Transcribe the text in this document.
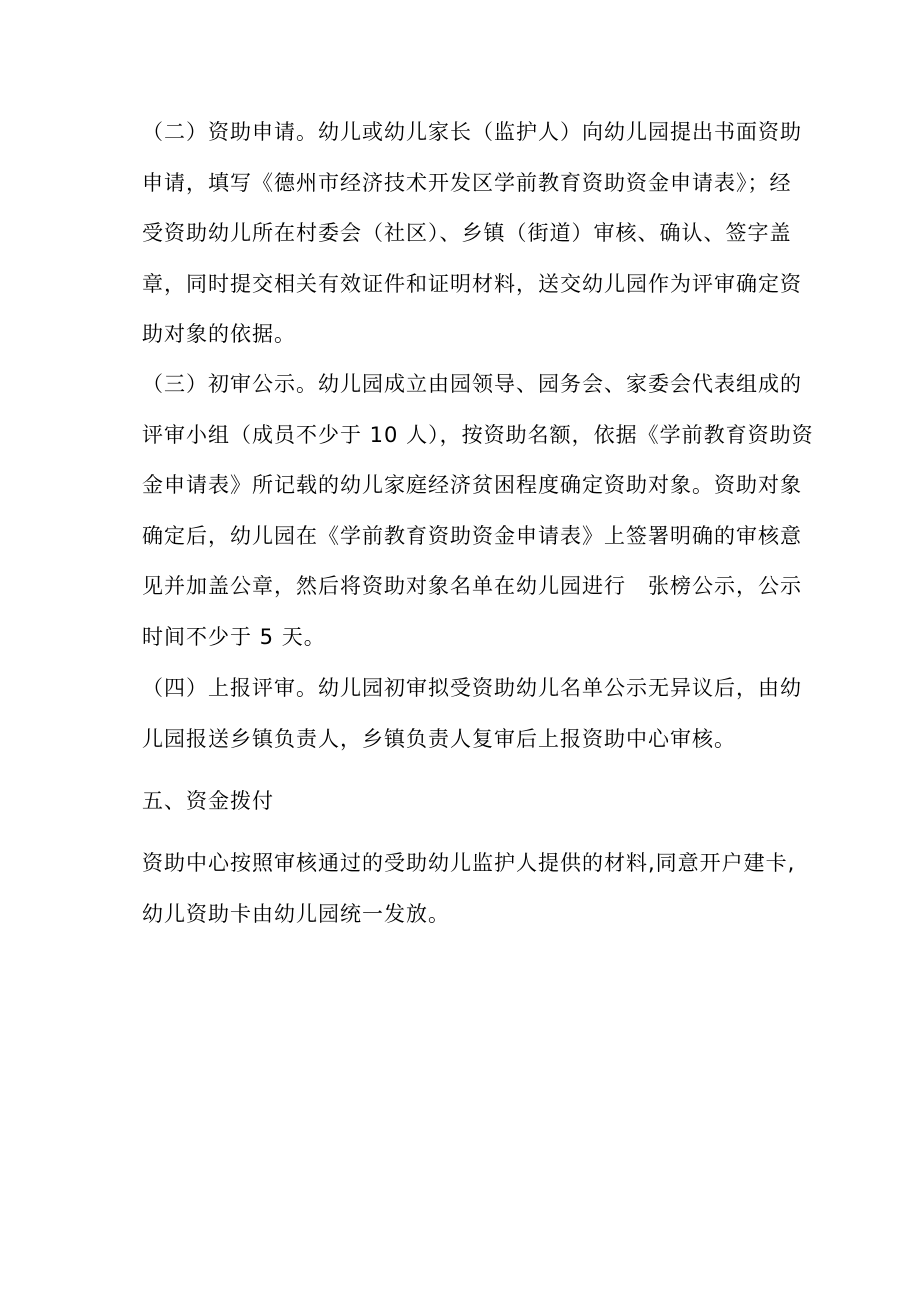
（二）资助申请。幼儿或幼儿家长（监护人）向幼儿园提出书面资助
申请，填写《德州市经济技术开发区学前教育资助资金申请表》；经
受资助幼儿所在村委会（社区）、乡镇（街道）审核、确认、签字盖
章，同时提交相关有效证件和证明材料，送交幼儿园作为评审确定资
助对象的依据。
（三）初审公示。幼儿园成立由园领导、园务会、家委会代表组成的
评审小组（成员不少于 10 人），按资助名额，依据《学前教育资助资
金申请表》所记载的幼儿家庭经济贫困程度确定资助对象。资助对象
确定后，幼儿园在《学前教育资助资金申请表》上签署明确的审核意
见并加盖公章，然后将资助对象名单在幼儿园进行　张榜公示，公示
时间不少于 5 天。
（四）上报评审。幼儿园初审拟受资助幼儿名单公示无异议后，由幼
儿园报送乡镇负责人，乡镇负责人复审后上报资助中心审核。
五、资金拨付
资助中心按照审核通过的受助幼儿监护人提供的材料,同意开户建卡,
幼儿资助卡由幼儿园统一发放。
